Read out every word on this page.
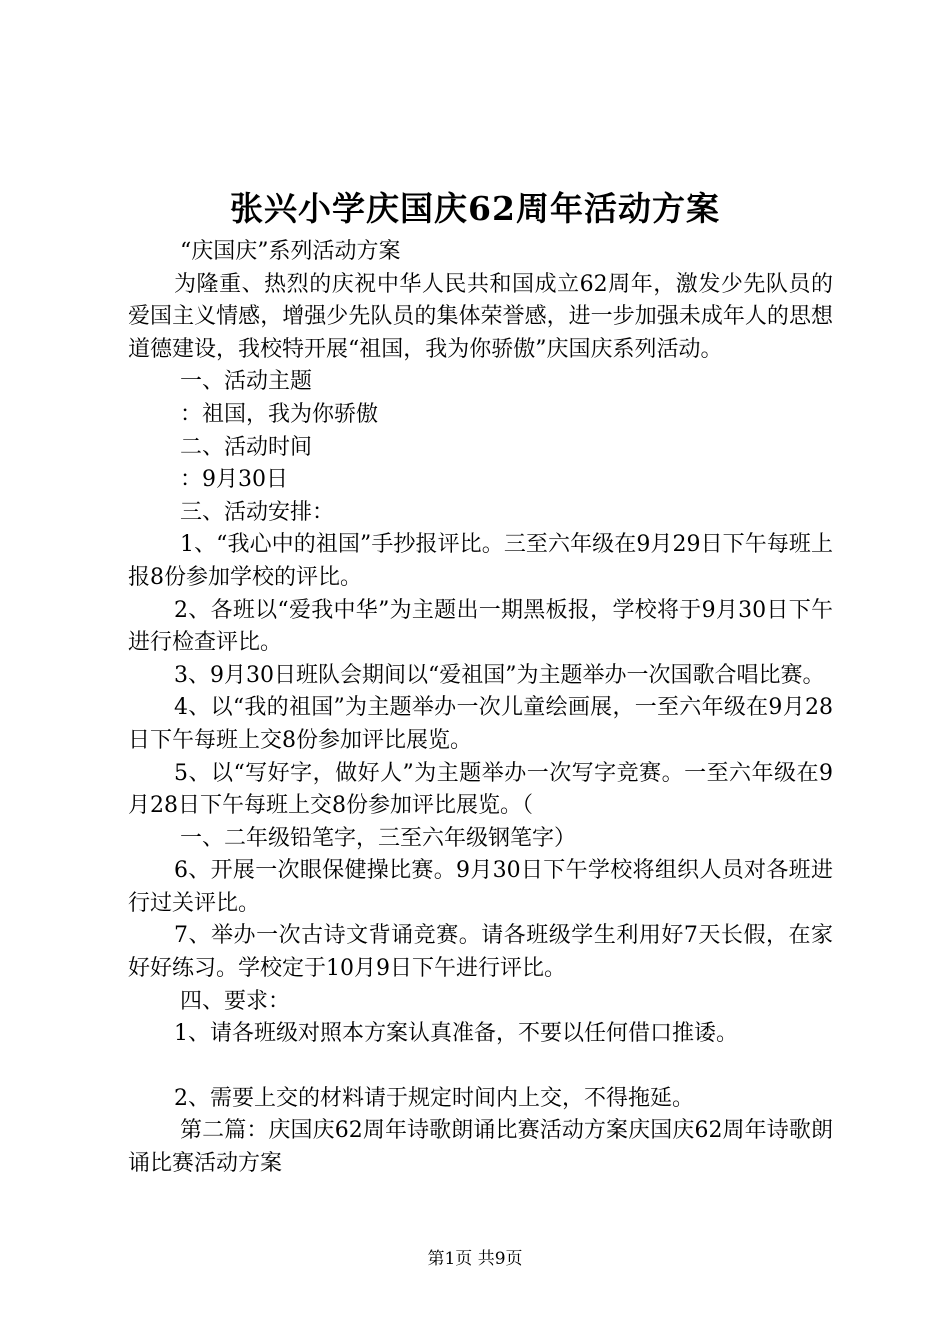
张兴小学庆国庆62周年活动方案

“庆国庆”系列活动方案

为隆重、热烈的庆祝中华人民共和国成立62周年，激发少先队员的爱国主义情感，增强少先队员的集体荣誉感，进一步加强未成年人的思想道德建设，我校特开展“祖国，我为你骄傲”庆国庆系列活动。

一、活动主题

：祖国，我为你骄傲

二、活动时间

：9月30日

三、活动安排：

1、“我心中的祖国”手抄报评比。三至六年级在9月29日下午每班上报8份参加学校的评比。

2、各班以“爱我中华”为主题出一期黑板报，学校将于9月30日下午进行检查评比。

3、9月30日班队会期间以“爱祖国”为主题举办一次国歌合唱比赛。

4、以“我的祖国”为主题举办一次儿童绘画展，一至六年级在9月28日下午每班上交8份参加评比展览。

5、以“写好字，做好人”为主题举办一次写字竞赛。一至六年级在9月28日下午每班上交8份参加评比展览。（

一、二年级铅笔字，三至六年级钢笔字）

6、开展一次眼保健操比赛。9月30日下午学校将组织人员对各班进行过关评比。

7、举办一次古诗文背诵竞赛。请各班级学生利用好7天长假，在家好好练习。学校定于10月9日下午进行评比。

四、要求：

1、请各班级对照本方案认真准备，不要以任何借口推诿。

2、需要上交的材料请于规定时间内上交，不得拖延。

第二篇：庆国庆62周年诗歌朗诵比赛活动方案庆国庆62周年诗歌朗诵比赛活动方案

第1页 共9页
